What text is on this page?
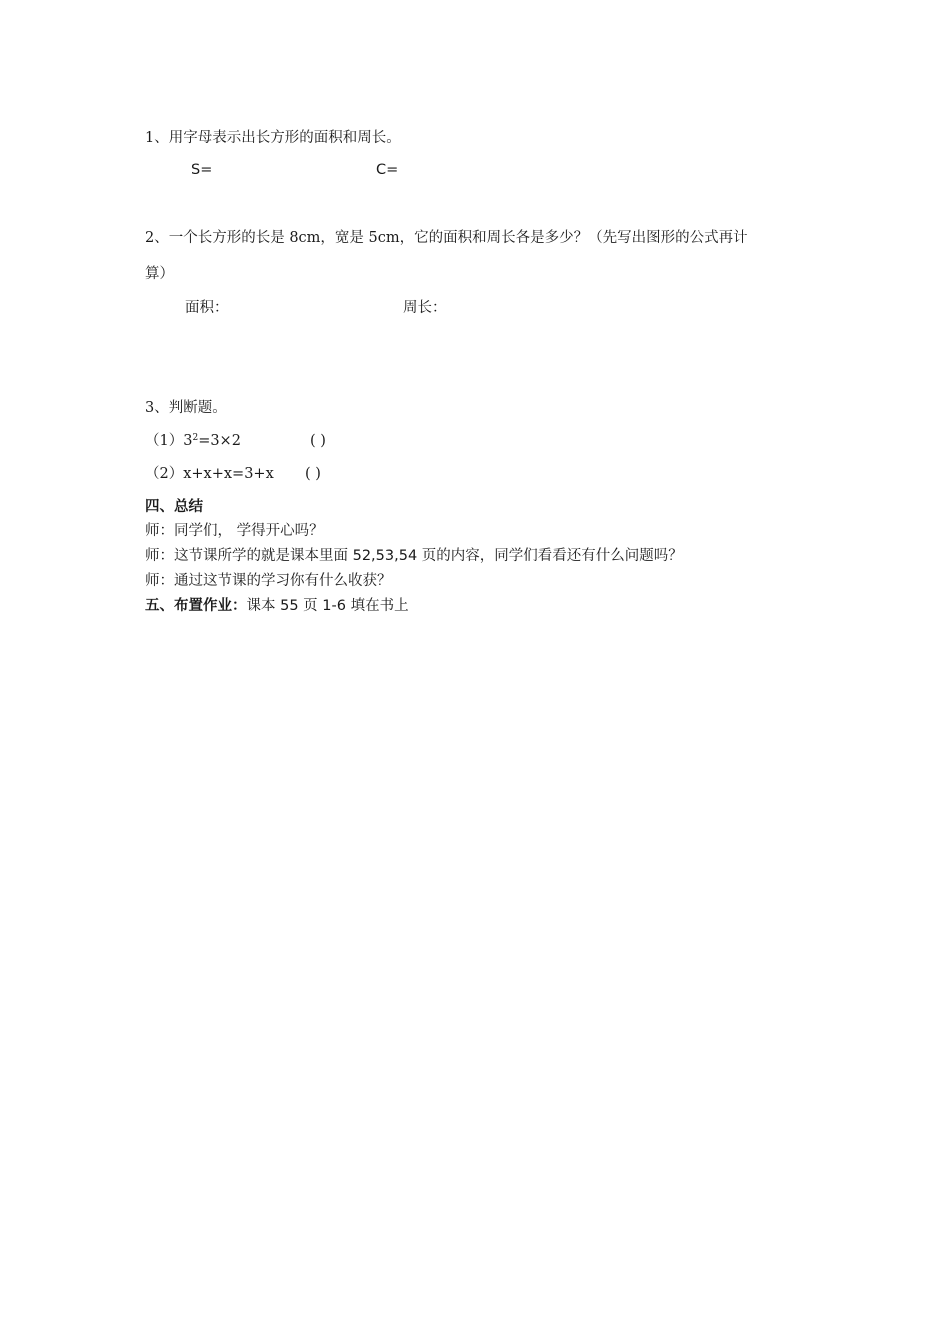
1、用字母表示出长方形的面积和周长。
S=	C=
2、一个长方形的长是 8cm，宽是 5cm，它的面积和周长各是多少？（先写出图形的公式再计
算）
面积：	周长：
3、判断题。
$(1)3^2=3\times 2$	( )
（2）x+x+x=3+x ( )
四、总结
师：同学们， 学得开心吗？
师：这节课所学的就是课本里面 52,53,54 页的内容，同学们看看还有什么问题吗？
师：通过这节课的学习你有什么收获？
五、布置作业：课本 55 页 1-6 填在书上
